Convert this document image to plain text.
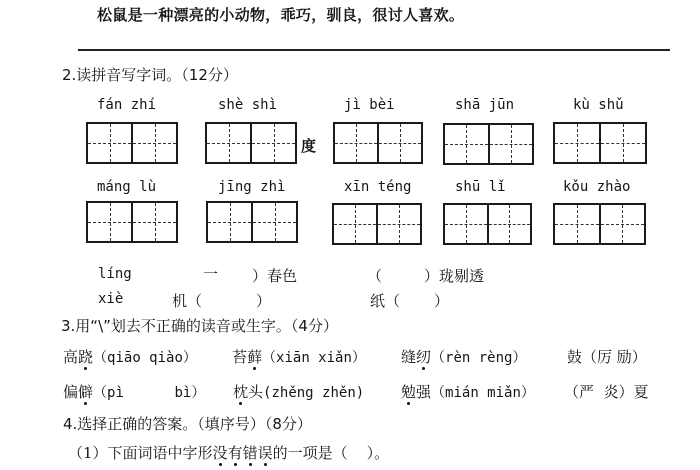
松鼠是一种漂亮的小动物，乖巧，驯良，很讨人喜欢。
2.读拼音写字词。（12分）
fán zhí	shè shì	jì bèi	shā jūn	kù shǔ
度
máng lù	jīng zhì	xīn téng	shū lǐ	kǒu zhào
líng	一 ）春色	（	）珑剔透
xiè	机（	）	纸（ ）
3.用“\”划去不正确的读音或生字。（4分）
高跷（qiāo qiào） 苔藓（xiān xiǎn） 缝纫（rèn rèng）	鼓（厉 励）
偏僻（pì      bì） 枕头(zhěng zhěn) 勉强（mián miǎn） （严  炎）夏
4.选择正确的答案。（填序号）（8分）
（1）下面词语中字形没有错误的一项是（    ）。
